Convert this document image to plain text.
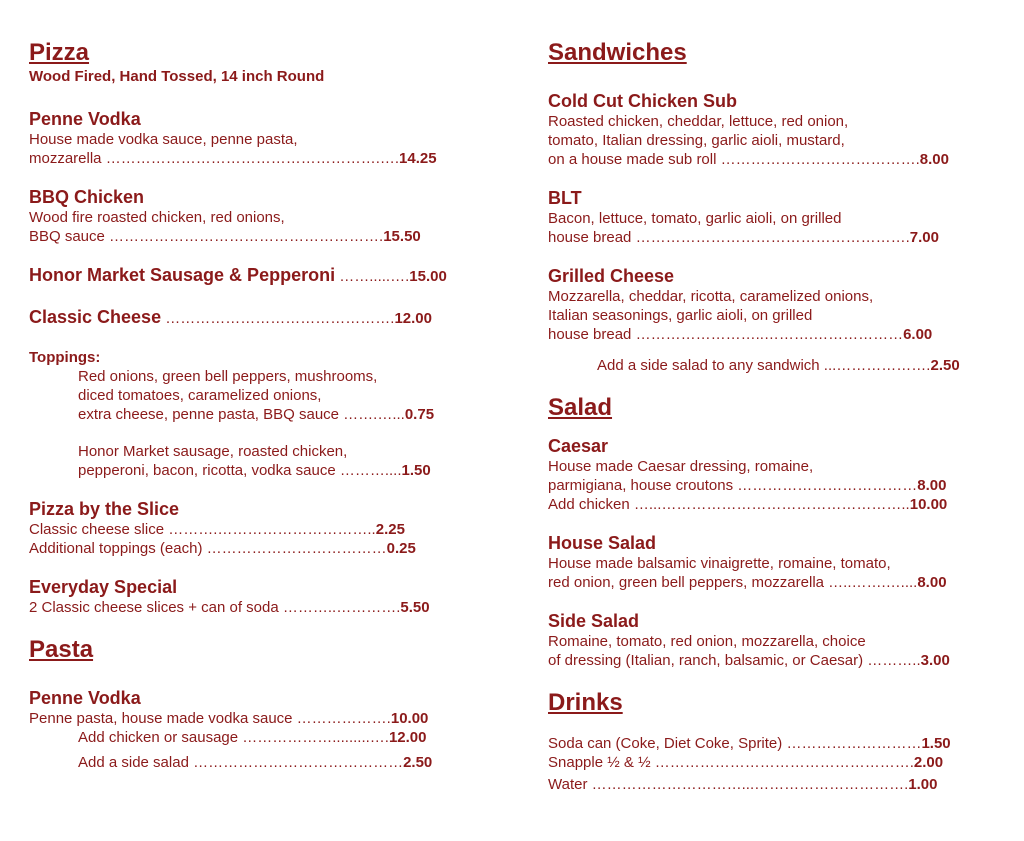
Pizza

Wood Fired, Hand Tossed, 14 inch Round

Penne Vodka
House made vodka sauce, penne pasta,
mozzarella ……………………………………………….….14.25
BBQ Chicken
Wood fire roasted chicken, red onions,
BBQ sauce ……………………………………………….15.50
Honor Market Sausage & Pepperoni …….....….15.00
Classic Cheese ……………………………………….12.00
Toppings:
Red onions, green bell peppers, mushrooms,
diced tomatoes, caramelized onions,
extra cheese, penne pasta, BBQ sauce …….…...0.75
Honor Market sausage, roasted chicken,
pepperoni, bacon, ricotta, vodka sauce ………....1.50
Pizza by the Slice
Classic cheese slice ……….…………………………..2.25
Additional toppings (each) ………………………………0.25
Everyday Special
2 Classic cheese slices + can of soda ………..………….5.50
Pasta
Penne Vodka
Penne pasta, house made vodka sauce ……………….10.00
Add chicken or sausage ……………….........….12.00
Add a side salad ……………………………………2.50
Sandwiches
Cold Cut Chicken Sub
Roasted chicken, cheddar, lettuce, red onion,
tomato, Italian dressing, garlic aioli, mustard,
on a house made sub roll ………………………………….8.00
BLT
Bacon, lettuce, tomato, garlic aioli, on grilled
house bread ……………………………………………….7.00
Grilled Cheese
Mozzarella, cheddar, ricotta, caramelized onions,
Italian seasonings, garlic aioli, on grilled
house bread ……………………..……….………………6.00
Add a side salad to any sandwich ...……………….2.50
Salad
Caesar
House made Caesar dressing, romaine,
parmigiana, house croutons ………………………………8.00
Add chicken …...…………………………………………..10.00
House Salad
House made balsamic vinaigrette, romaine, tomato,
red onion, green bell peppers, mozzarella …..…….…....8.00
Side Salad
Romaine, tomato, red onion, mozzarella, choice
of dressing (Italian, ranch, balsamic, or Caesar) ………..3.00
Drinks
Soda can (Coke, Diet Coke, Sprite) ………………………1.50
Snapple ½ & ½ …………………………………………….2.00
Water …………………………...………………………….1.00
